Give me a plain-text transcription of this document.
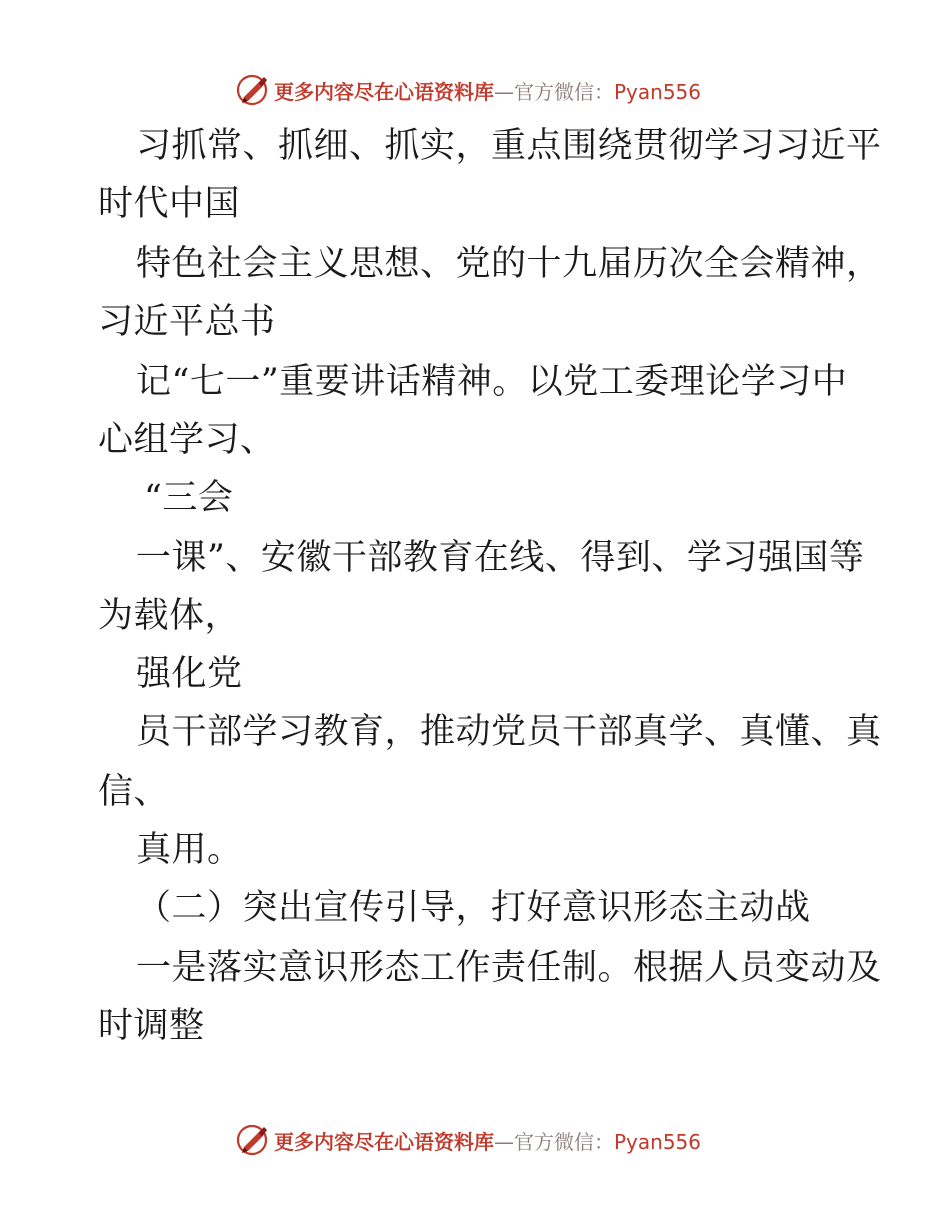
更多内容尽在心语资料库—官方微信：Pyan556
习抓常、抓细、抓实，重点围绕贯彻学习习近平
时代中国
特色社会主义思想、党的十九届历次全会精神，
习近平总书
记“七一”重要讲话精神。以党工委理论学习中
心组学习、
“三会
一课”、安徽干部教育在线、得到、学习强国等
为载体，
强化党
员干部学习教育，推动党员干部真学、真懂、真
信、
真用。
（二）突出宣传引导，打好意识形态主动战
一是落实意识形态工作责任制。根据人员变动及
时调整
更多内容尽在心语资料库—官方微信：Pyan556
